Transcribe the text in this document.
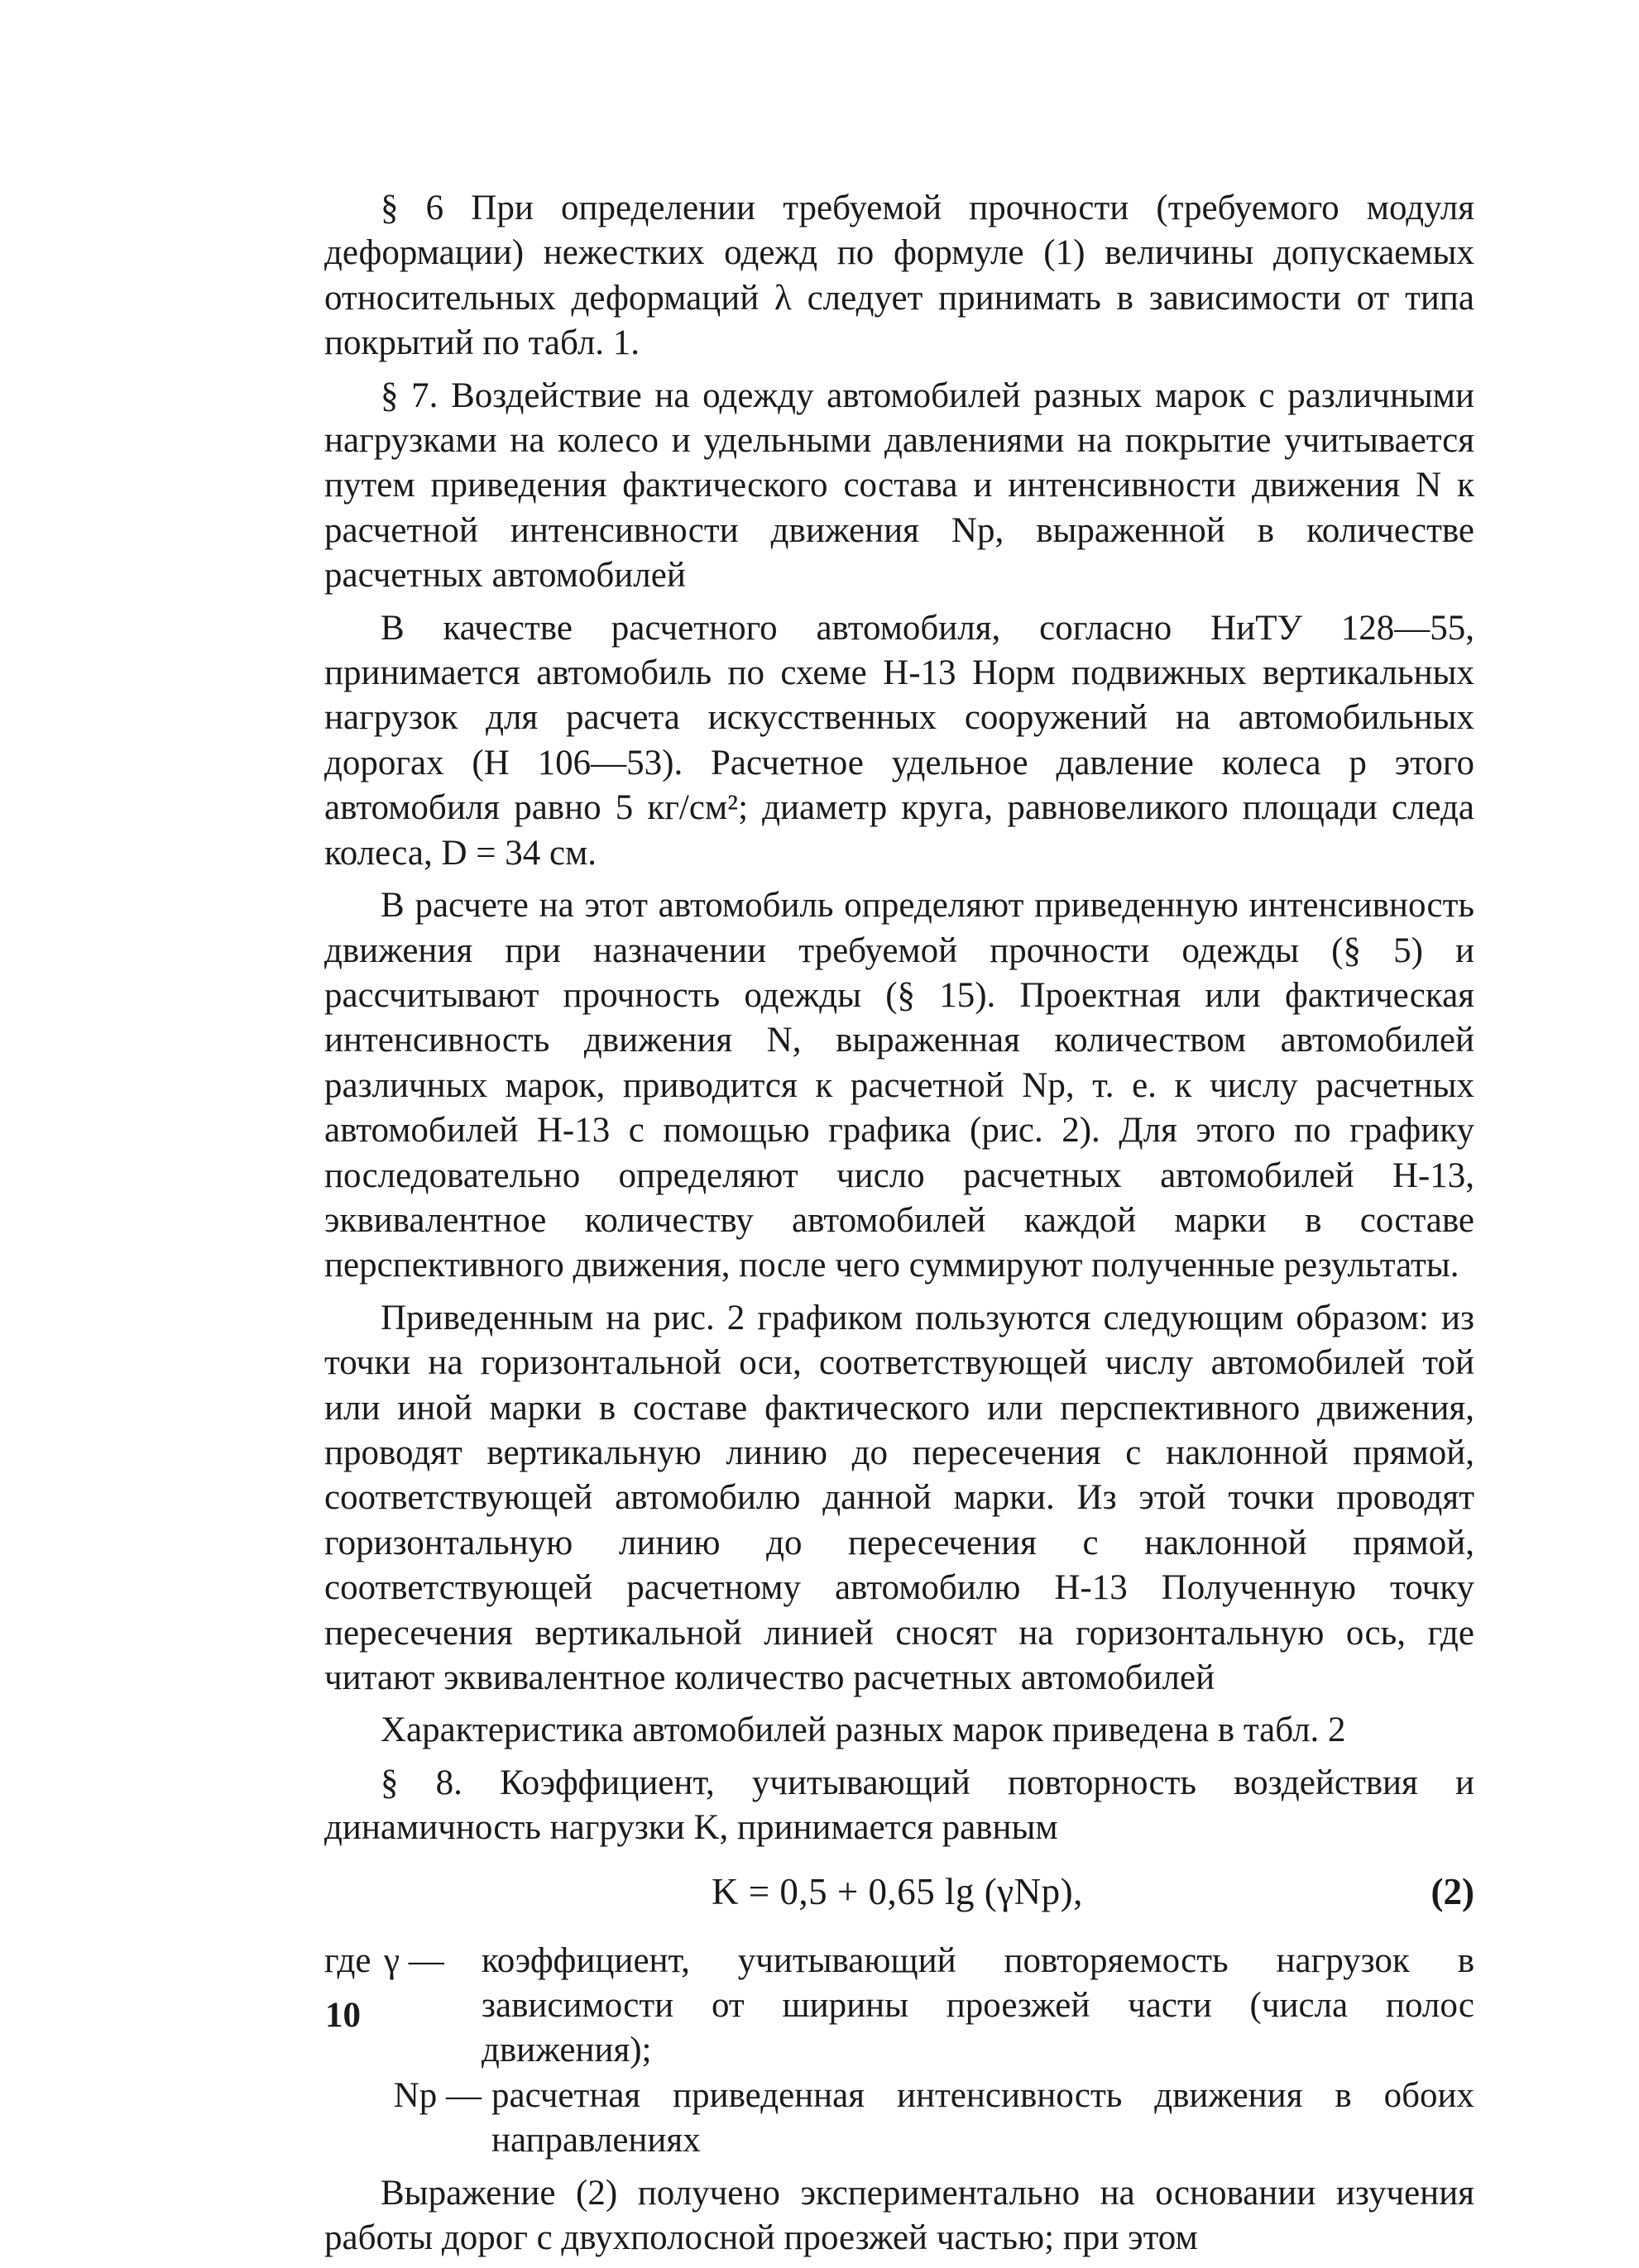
§ 6 При определении требуемой прочности (требуемого модуля деформации) нежестких одежд по формуле (1) величины допускаемых относительных деформаций λ следует принимать в зависимости от типа покрытий по табл. 1.

§ 7. Воздействие на одежду автомобилей разных марок с различными нагрузками на колесо и удельными давлениями на покрытие учитывается путем приведения фактического состава и интенсивности движения N к расчетной интенсивности движения Nр, выраженной в количестве расчетных автомобилей

В качестве расчетного автомобиля, согласно НиТУ 128—55, принимается автомобиль по схеме Н-13 Норм подвижных вертикальных нагрузок для расчета искусственных сооружений на автомобильных дорогах (Н 106—53). Расчетное удельное давление колеса p этого автомобиля равно 5 кг/см²; диаметр круга, равновеликого площади следа колеса, D = 34 см.

В расчете на этот автомобиль определяют приведенную интенсивность движения при назначении требуемой прочности одежды (§ 5) и рассчитывают прочность одежды (§ 15). Проектная или фактическая интенсивность движения N, выраженная количеством автомобилей различных марок, приводится к расчетной Nр, т. е. к числу расчетных автомобилей Н-13 с помощью графика (рис. 2). Для этого по графику последовательно определяют число расчетных автомобилей Н-13, эквивалентное количеству автомобилей каждой марки в составе перспективного движения, после чего суммируют полученные результаты.

Приведенным на рис. 2 графиком пользуются следующим образом: из точки на горизонтальной оси, соответствующей числу автомобилей той или иной марки в составе фактического или перспективного движения, проводят вертикальную линию до пересечения с наклонной прямой, соответствующей автомобилю данной марки. Из этой точки проводят горизонтальную линию до пересечения с наклонной прямой, соответствующей расчетному автомобилю Н-13 Полученную точку пересечения вертикальной линией сносят на горизонтальную ось, где читают эквивалентное количество расчетных автомобилей

Характеристика автомобилей разных марок приведена в табл. 2

§ 8. Коэффициент, учитывающий повторность воздействия и динамичность нагрузки K, принимается равным

K = 0,5 + 0,65 lg (γNр),	(2)
где γ —	коэффициент, учитывающий повторяемость нагрузок в зависимости от ширины проезжей части (числа полос движения);
Nр — расчетная приведенная интенсивность движения в обоих направлениях

Выражение (2) получено экспериментально на основании изучения работы дорог с двухполосной проезжей частью; при этом

10
